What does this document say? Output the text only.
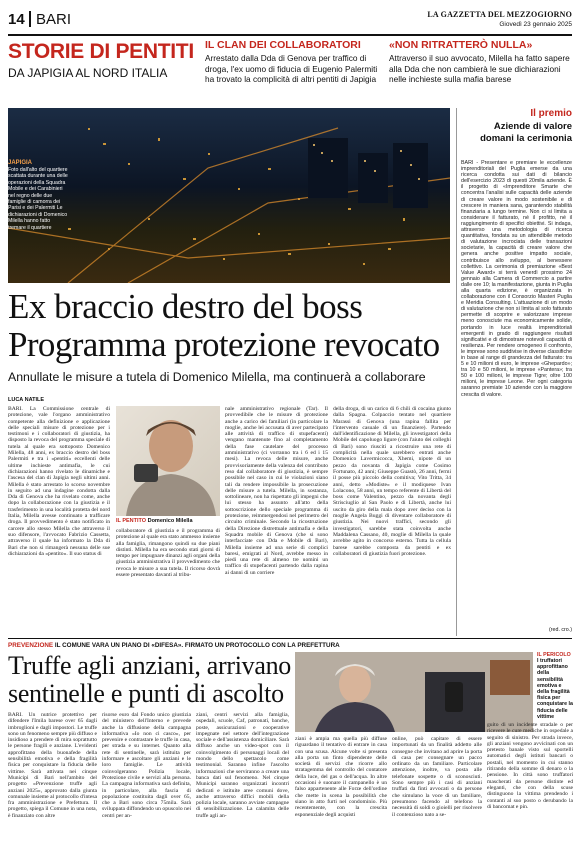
14 BARI	LA GAZZETTA DEL MEZZOGIORNO
Giovedì 23 gennaio 2025
STORIE DI PENTITI
DA JAPIGIA AL NORD ITALIA
IL CLAN DEI COLLABORATORI
Arrestato dalla Dda di Genova per traffico di droga, l'ex uomo di fiducia di Eugenio Palermiti ha trovato la complicità di altri pentiti di Japigia
«NON RITRATTERÒ NULLA»
Attraverso il suo avvocato, Milella ha fatto sapere alla Dda che non cambierà le sue dichiarazioni nelle inchieste sulla mafia barese
JAPIGIA
Foto dall'alto del quartiere scattata durante una delle operazioni della Squadra Mobile e dei Carabinieri nel regno delle due famiglie di camorra dei Parisi e dei Palermiti Le dichiarazioni di Domenico Milella hanno fatto tremare il quartiere
Ex braccio destro del boss
Programma protezione revocato
Annullate le misure a tutela di Domenico Milella, ma continuerà a collaborare
LUCA NATILE
BARI. La Commissione centrale di protezione, vale l'organo amministrativo competente alla definizione e applicazione delle speciali misure di protezione per i testimoni e i collaboratori di giustizia, ha disposto la revoca del programma speciale di tutela al quale era sottoposto Domenico Milella, 48 anni, ex braccio destro del boss Palermiti e tra i «pentiti» eccellenti delle ultime inchieste antimafia, le cui dichiarazioni hanno rivelato le dinamiche e l'ascesa del clan di Japigia negli ultimi anni. Milella è stato arrestato lo scorso novembre in seguito ad una indagine condotta dalla Dda di Genova che ha rivelato come, anche dopo la collaborazione con la giustizia e il trasferimento in una località protetta del nord Italia, Milella avesse continuato a trafficare droga. Il provvedimento è stato notificato in carcere allo stesso Milella che attraverso il suo difensore, l'avvocato Fabrizio Cassetta, attraverso il quale ha informato la Dda di Bari che non si rimangerà nessuna delle sue dichiarazioni da «pentito». Il suo status di
IL PENTITO Domenico Milella
collaboratore di giustizia e il programma di protezione al quale era stato ammesso insieme alla famiglia, rimangono quindi su due piani distinti. Milella ha era secondo stati giorni di tempo per impugnare dinanzi agli organi della giustizia amministrativa il provvedimento che revoca le misure a sua tutela. Il ricorso dovrà essere presentato davanti al tribu-
nale amministrativo regionale (Tar). Il provvedibile che le misure di protezione anche a carico dei familiari (in particolare la moglie, anche lei accusata di aver partecipato alle attività di traffico di stupefacenti) vengano mantenute fino al completamento della fase cautelare del processo amministrativo (ci vorranno tra i 6 ed i 15 mesi). La revoca delle misure, anche provvisoriamente della valenza del contributo reso dal collaboratore di giustizia, è sempre possibile nel caso in cui le violazioni siano tali da rendere impossibile la prosecuzione delle misure a tutela. Milella, in sostanza, sottolineare, non ha rispettato gli impegni che lui stesso ha assunto all'atto della sottoscrizione dello speciale programma di protezione, reimmergendosi nel perimetro del circuito criminale. Secondo la ricostruzione della Direzione distrettuale antimafia e della Squadra mobile di Genova (che si sono interfacciate con Dda e Mobile di Bari), Milella insieme ad una serie di complici baresi, emigrati al Nord, avrebbe messo in piedi una rete di almeno tre uomini un traffico di stupefacenti partendo dalla rapina ai danni di un corriere
della droga, di un carico di 6 chili di cocaina giunto dalla Spagna. Colpaccio tentato nel quartiere Marassi di Genova (una rapina fallita per l'intervento casuale di un finanziere). Partendo dall'identificazione di Milella, gli investigatori della Mobile del capoluogo ligure (con l'aiuto dei colleghi di Bari) sono riusciti a ricostruire una rete di complicità nella quale sarebbero entrati anche Domenico Lavermicocca, Xhemi, nipote di un pezzo da novanta di Japigia come Cosimo Fortunato, 42 anni; Giuseppe Guastò, 26 anni, fermi il posse più piccolo della comitiva; Vito Tritta, 34 anni, detto «Modiste» e il modiquese Ivan Lolacono, 58 anni, un tempo referente di Libertà del boss come Valentino, pezzo da novanta degli Strisciuglio al San Paolo e di Libertà, anche lui uscito da giro della mala dopo aver deciso con la moglie Angela Buggi di diventare collaboratore di giustizia. Nei nuovi traffici, secondo gli investigatori, sarebbe stata coinvolta anche Maddalena Cassano, 40, moglie di Milella la quale avrebbe agito in concorso esterno. Tutta la cellula barese sarebbe composta da pentiti e ex collaboratori di giustizia fuori protezione.
Il premio
Aziende di valore domani la cerimonia
BARI - Presentare e premiare le eccellenze imprenditoriali del Puglia emerse da una ricerca condotta sui dati di bilancio dell'esercizio 2023 di questi 20mila aziende. È il progetto di «Imprenditore Smarte che concentra l'analisi sulle capacità delle aziende di creare valore in modo sostenibile e di crescere in maniera sana, garantendo stabilità finanziaria a lungo termine. Non ci si limita a considerare il fatturato, né il profitto, né il raggiungimento di specifici obiettivi. Si indaga, attraverso una metodologia di ricerca quantitativa, fondata su un attendibile metodo di valutazione incrociata delle transazioni societarie, la capacità di creare valore che genera anche positive impatto sociale, contribuisce allo sviluppo, al benessere collettivo. La cerimonia di premiazione «Best Value Award» si terrà venerdì prossimo 24 gennaio alla Camera di Commercio a partire dalle ore 10; la manifestazione, giunta in Puglia alla quarta edizione, è organizzata in collaborazione con il Consorzio Masteri Puglia e Meridia Consulting. L'attuazione di un modo di valutazione che non si limita al solo fatturato permette di scoprire e valorizzare imprese meno conosciute ma economicamente solide, portando in luce realtà imprenditoriali emergenti in grado di raggiungere risultati significativi e di dimostrare notevoli capacità di resilienza. Per rendere omogeneo il confronto, le imprese sono suddivise in diverse classifiche in base al range di grandezza del fatturato: tra 5 e 10 milioni di euro, le imprese «Ghepardo»; tra 10 e 50 milioni, le imprese «Pantera»; tra 50 e 100 milioni, le imprese Tigre; oltre 100 milioni, le imprese Leone. Per ogni categoria saranno premiate 10 aziende con la maggiore crescita di valore.
(red. cro.)
PREVENZIONE IL COMUNE VARA UN PIANO DI «DIFESA». FIRMATO UN PROTOCOLLO CON LA PREFETTURA
Truffe agli anziani, arrivano
sentinelle e punti di ascolto
IL PERICOLO
I truffatori approfittano della sensibilità emotiva e della fragilità fisica per conquistare la fiducia delle vittime
BARI. Un nutrice protettivo per difendere l'Imila barese over 65 dagli imbroglioni e dagli impostori. Le truffe sono un fenomeno sempre più diffuso e insidioso a prendere di mira soprattutto le persone fragili e anziane. L'evidenti approfittano della buonafede della sensibilità emotiva e della fragilità fisica per conquistare la fiducia delle vittime. Sarà attivata nei cinque Municipi di Bari nell'ambito del progetto «Prevenzione truffe agli anziani 2025», approvato dalla giunta comunale insieme al protocollo d'intesa fra amministrazione e Prefettura. Il progetto, spiega il Comune in una nota, è finanziato con altre
risorse euro dal Fondo unico giustizia del ministero dell'Interno e prevede anche la diffusione della campagna informativa «Io non ci casco», per prevenire e contrastare le truffe in casa, per strada e su internet. Quanto alla rete di sentinelle, sarà istituita per informare e ascoltare gli anziani e le loro famiglie. Le attività coinvolgeranno Polizia locale, Protezione civile e servizi alla persona. La campagna informativa sarà definita, in particolare, alla fascia di popolazione costituita dagli over 65, che a Bari sono circa 75mila. Sarà sviluppata diffondendo un opuscolo nei centri per an-
ziani, centri servizi alla famiglia, ospedali, scuole, Caf, patronati, banche, poste, assicurazioni e cooperative impegnate nel settore dell'integrazione sociale e dell'assistenza domiciliare. Sarà diffuso anche un video-spot con il coinvolgimento di personaggi locali del mondo dello spettacolo come testimonial. Saranno infine l'ascolto informazioni che serviranno a creare una banca dati sul fenomeno. Nel cinque Municipi saranno organizzati incontri dedicati e istituite aree comuni dove, anche attraverso diffici mobili della polizia locale, saranno avviate campagne di sensibilizzazione. La calamita delle truffe agli an-
ziani è ampia ma quella più diffuse riguardano il tentativo di entrare in casa con una scusa. Alcune volte si presenta alla porta un finto dipendente delle società di servizi che ricorre allo stratagemma del controllo del contatore della luce, del gas o dell'acqua. In altre occasioni è suonare il campanello è un falso appartenente alle Forze dell'ordine che mette in scena la possibilità che siano in atto furti nel condominio. Più recentemente, con la crescita esponenziale degli acquisti
online, può capitare di essere importunati da un finalità addetto alle consegne che invitano ad aprire la porta di casa per consegnare un pacco ordinato da un familiare. Particolare attenzione, inoltre, va posta alle telefonate sospette o di sconosciuti. Sono sempre più i casi di anziani truffati da finti avvocati o da persone che simulano la voce di un familiare, presumono facendo al telefono la necessità di soldi o gioielli per risolvere il contenzioso nato a se-
guito di un incidente stradale o per ricevere le cure mediche in ospedale a seguito di sinistro. Per strada invece, gli anziani vengono avvicinati con un pretesto banale visto sul sportelli automatici degli istituti bancari o postali, nel momento in cui stanno ritirando della somme di denaro o la pensione. In città sono truffatori mascherati da persone distinte ed eleganti, che con della scuse distinguono la vittima prendendo i contanti al suo posto o derubando la di bancomat e pin.
